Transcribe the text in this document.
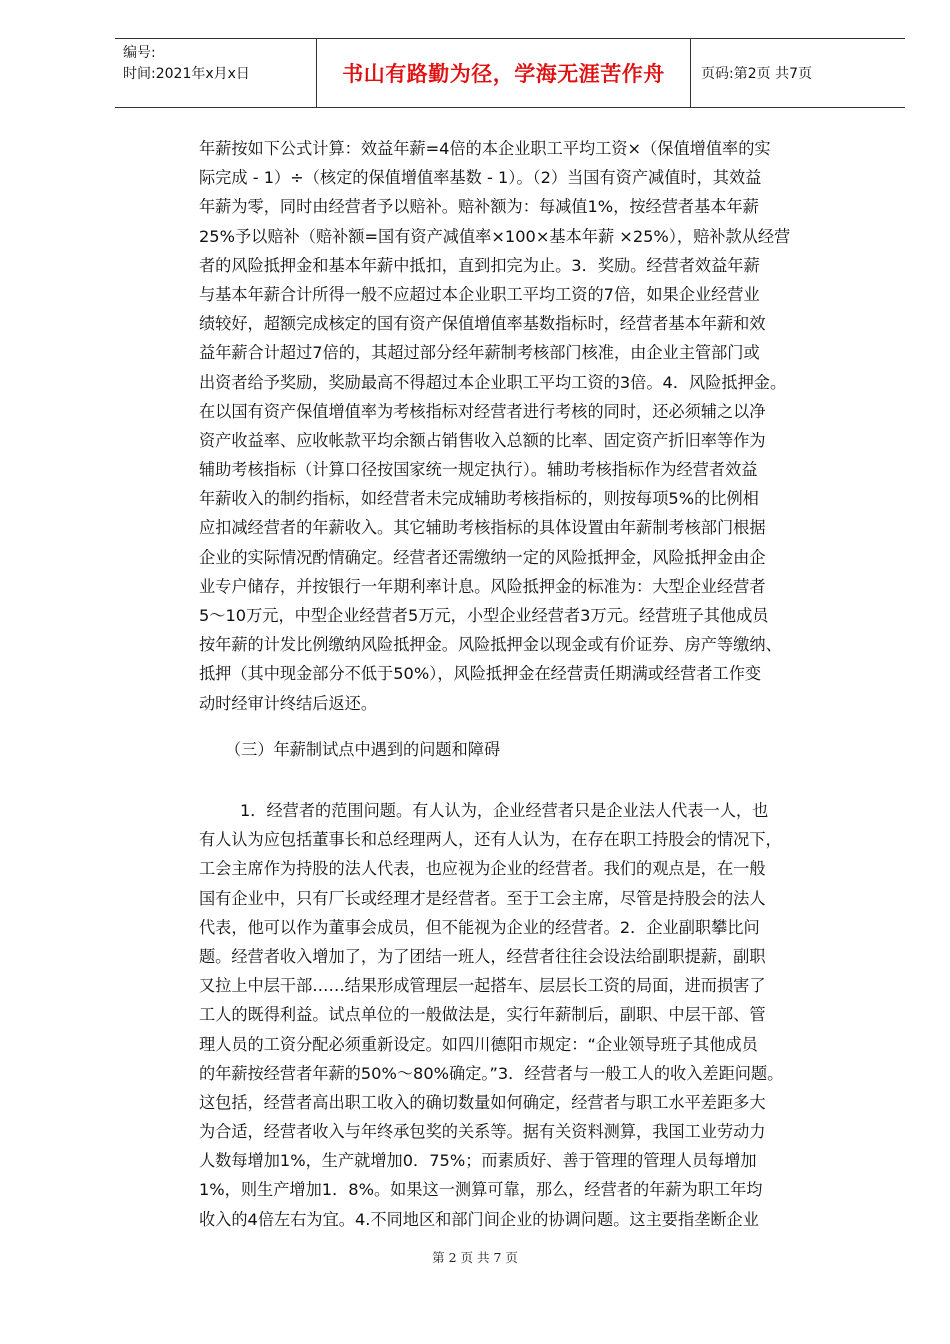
编号:
时间:2021年x月x日	书山有路勤为径，学海无涯苦作舟	页码:第2页 共7页
年薪按如下公式计算：效益年薪=4倍的本企业职工平均工资×（保值增值率的实
际完成 - 1）÷（核定的保值增值率基数 - 1）。（2）当国有资产减值时，其效益
年薪为零，同时由经营者予以赔补。赔补额为：每减值1%，按经营者基本年薪
25%予以赔补（赔补额=国有资产减值率×100×基本年薪 ×25%），赔补款从经营
者的风险抵押金和基本年薪中抵扣，直到扣完为止。3．奖励。经营者效益年薪
与基本年薪合计所得一般不应超过本企业职工平均工资的7倍，如果企业经营业
绩较好，超额完成核定的国有资产保值增值率基数指标时，经营者基本年薪和效
益年薪合计超过7倍的，其超过部分经年薪制考核部门核准，由企业主管部门或
出资者给予奖励，奖励最高不得超过本企业职工平均工资的3倍。4．风险抵押金。
在以国有资产保值增值率为考核指标对经营者进行考核的同时，还必须辅之以净
资产收益率、应收帐款平均余额占销售收入总额的比率、固定资产折旧率等作为
辅助考核指标（计算口径按国家统一规定执行）。辅助考核指标作为经营者效益
年薪收入的制约指标，如经营者未完成辅助考核指标的，则按每项5%的比例相
应扣减经营者的年薪收入。其它辅助考核指标的具体设置由年薪制考核部门根据
企业的实际情况酌情确定。经营者还需缴纳一定的风险抵押金，风险抵押金由企
业专户储存，并按银行一年期利率计息。风险抵押金的标准为：大型企业经营者
5～10万元，中型企业经营者5万元，小型企业经营者3万元。经营班子其他成员
按年薪的计发比例缴纳风险抵押金。风险抵押金以现金或有价证券、房产等缴纳、
抵押（其中现金部分不低于50%），风险抵押金在经营责任期满或经营者工作变
动时经审计终结后返还。
（三）年薪制试点中遇到的问题和障碍
1．经营者的范围问题。有人认为，企业经营者只是企业法人代表一人，也
有人认为应包括董事长和总经理两人，还有人认为，在存在职工持股会的情况下，
工会主席作为持股的法人代表，也应视为企业的经营者。我们的观点是，在一般
国有企业中，只有厂长或经理才是经营者。至于工会主席，尽管是持股会的法人
代表，他可以作为董事会成员，但不能视为企业的经营者。2．企业副职攀比问
题。经营者收入增加了，为了团结一班人，经营者往往会设法给副职提薪，副职
又拉上中层干部……结果形成管理层一起搭车、层层长工资的局面，进而损害了
工人的既得利益。试点单位的一般做法是，实行年薪制后，副职、中层干部、管
理人员的工资分配必须重新设定。如四川德阳市规定：“企业领导班子其他成员
的年薪按经营者年薪的50%～80%确定。”3．经营者与一般工人的收入差距问题。
这包括，经营者高出职工收入的确切数量如何确定，经营者与职工水平差距多大
为合适，经营者收入与年终承包奖的关系等。据有关资料测算，我国工业劳动力
人数每增加1%，生产就增加0．75%；而素质好、善于管理的管理人员每增加
1%，则生产增加1．8%。如果这一测算可靠，那么，经营者的年薪为职工年均
收入的4倍左右为宜。4.不同地区和部门间企业的协调问题。这主要指垄断企业
第 2 页 共 7 页
